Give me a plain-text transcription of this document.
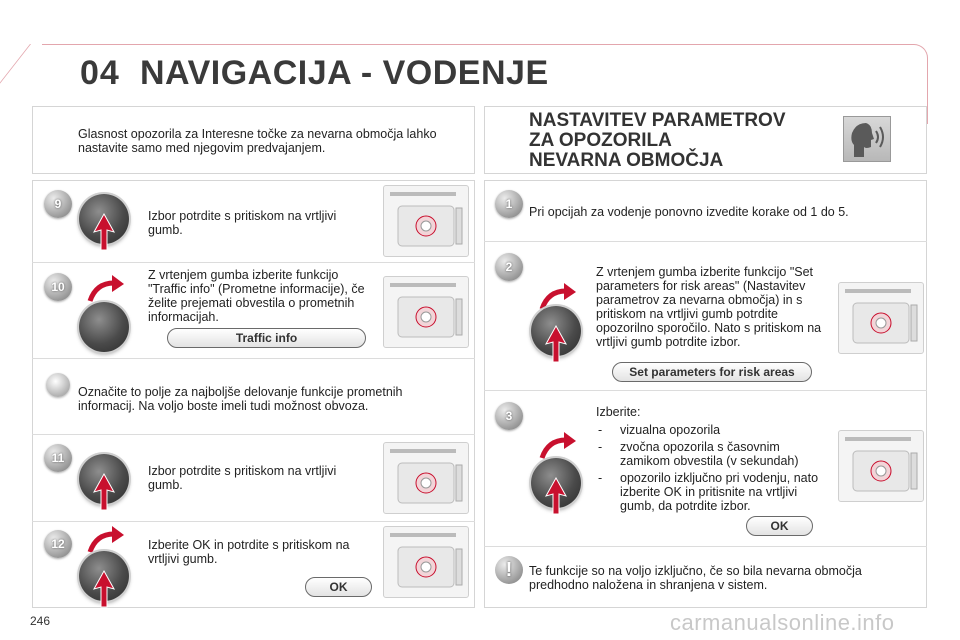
04 NAVIGACIJA - VODENJE
Glasnost opozorila za Interesne točke za nevarna območja lahko nastavite samo med njegovim predvajanjem.
9
Izbor potrdite s pritiskom na vrtljivi gumb.
10
Z vrtenjem gumba izberite funkcijo "Traffic info" (Prometne informacije), če želite prejemati obvestila o prometnih informacijah.
Traffic info
Označite to polje za najboljše delovanje funkcije prometnih informacij. Na voljo boste imeli tudi možnost obvoza.
11
Izbor potrdite s pritiskom na vrtljivi gumb.
12	Izberite OK in potrdite s pritiskom na vrtljivi gumb.
OK
NASTAVITEV PARAMETROV
ZA OPOZORILA
NEVARNA OBMOČJA
1
Pri opcijah za vodenje ponovno izvedite korake od 1 do 5.
2	Z vrtenjem gumba izberite funkcijo "Set parameters for risk areas" (Nastavitev parametrov za nevarna območja) in s pritiskom na vrtljivi gumb potrdite opozorilno sporočilo. Nato s pritiskom na vrtljivi gumb potrdite izbor.
Set parameters for risk areas
3	Izberite:
- vizualna opozorila
- zvočna opozorila s časovnim zamikom obvestila (v sekundah)
- opozorilo izključno pri vodenju, nato izberite OK in pritisnite na vrtljivi gumb, da potrdite izbor.
OK
!	Te funkcije so na voljo izključno, če so bila nevarna območja predhodno naložena in shranjena v sistem.
246	carmanualsonline.info
